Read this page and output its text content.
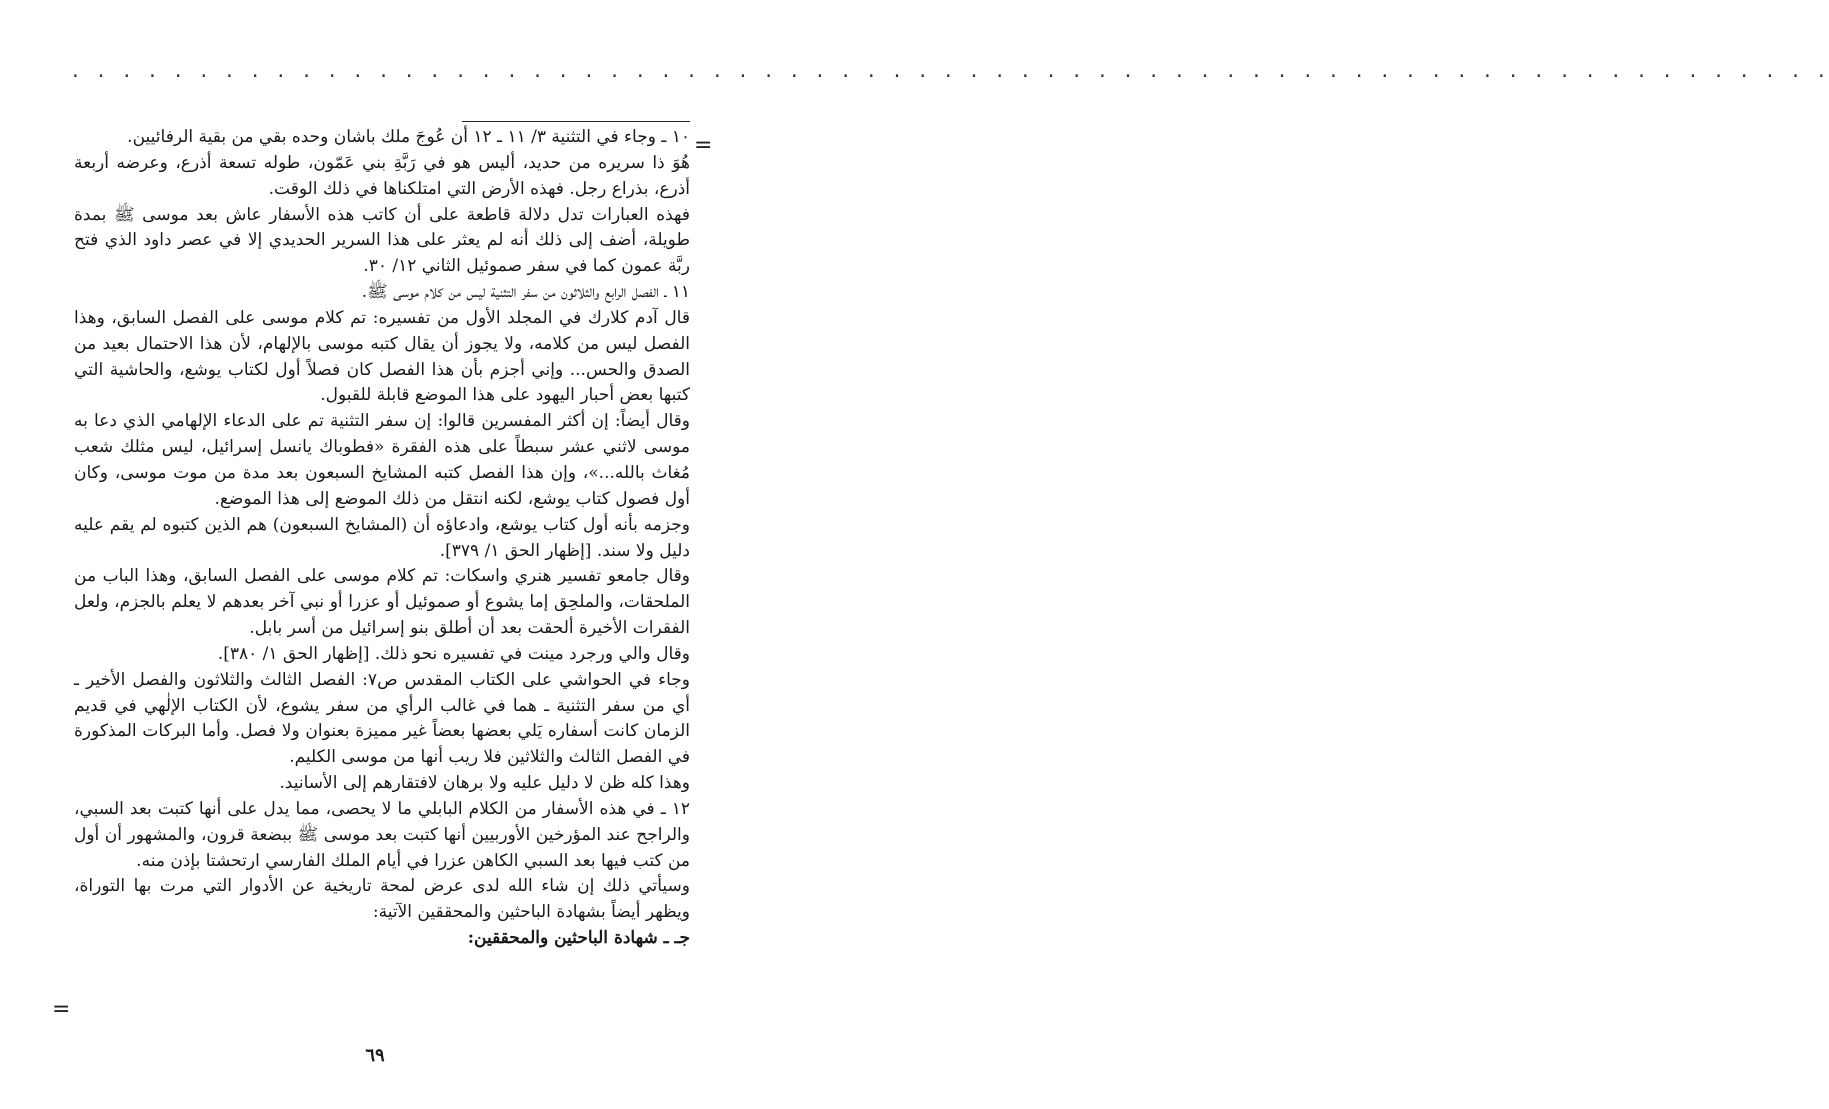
. . . . . . . . . . . . . . . . . . . . . . . . . . . . . . . . . . . . . . . . . . . . . . . . . . . . . . . . . . . . . . . . . . . . .
=

١٠ ـ وجاء في التثنية ٣/ ١١ ـ ١٢ أن عُوجَ ملك باشان وحده بقي من بقية الرفائيين.

هُوَ ذا سريره من حديد، أليس هو في رَبَّةِ بني عَمّون، طوله تسعة أذرع، وعرضه أربعة أذرع، بذراع رجل. فهذه الأرض التي امتلكناها في ذلك الوقت.

فهذه العبارات تدل دلالة قاطعة على أن كاتب هذه الأسفار عاش بعد موسى ﷺ بمدة طويلة، أضف إلى ذلك أنه لم يعثر على هذا السرير الحديدي إلا في عصر داود الذي فتح ربَّة عمون كما في سفر صموئيل الثاني ١٢/ ٣٠.

١١ ـ الفصل الرابع والثلاثون من سفر التثنية ليس من كلام موسى ﷺ.

قال آدم كلارك في المجلد الأول من تفسيره: تم كلام موسى على الفصل السابق، وهذا الفصل ليس من كلامه، ولا يجوز أن يقال كتبه موسى بالإلهام، لأن هذا الاحتمال بعيد من الصدق والحس... وإني أجزم بأن هذا الفصل كان فصلاً أول لكتاب يوشع، والحاشية التي كتبها بعض أحبار اليهود على هذا الموضع قابلة للقبول.

وقال أيضاً: إن أكثر المفسرين قالوا: إن سفر التثنية تم على الدعاء الإلهامي الذي دعا به موسى لاثني عشر سبطاً على هذه الفقرة «فطوباك يانسل إسرائيل، ليس مثلك شعب مُغاث بالله...»، وإن هذا الفصل كتبه المشايخ السبعون بعد مدة من موت موسى، وكان أول فصول كتاب يوشع، لكنه انتقل من ذلك الموضع إلى هذا الموضع.

وجزمه بأنه أول كتاب يوشع، وادعاؤه أن (المشايخ السبعون) هم الذين كتبوه لم يقم عليه دليل ولا سند. [إظهار الحق ١/ ٣٧٩].

وقال جامعو تفسير هنري واسكات: تم كلام موسى على الفصل السابق، وهذا الباب من الملحقات، والملحِق إما يشوع أو صموئيل أو عزرا أو نبي آخر بعدهم لا يعلم بالجزم، ولعل الفقرات الأخيرة ألحقت بعد أن أطلق بنو إسرائيل من أسر بابل.

وقال والي ورجرد مينت في تفسيره نحو ذلك. [إظهار الحق ١/ ٣٨٠].

وجاء في الحواشي على الكتاب المقدس ص٧: الفصل الثالث والثلاثون والفصل الأخير ـ أي من سفر التثنية ـ هما في غالب الرأي من سفر يشوع، لأن الكتاب الإلٰهي في قديم الزمان كانت أسفاره يَلي بعضها بعضاً غير مميزة بعنوان ولا فصل. وأما البركات المذكورة في الفصل الثالث والثلاثين فلا ريب أنها من موسى الكليم.

وهذا كله ظن لا دليل عليه ولا برهان لافتقارهم إلى الأسانيد.

١٢ ـ في هذه الأسفار من الكلام البابلي ما لا يحصى، مما يدل على أنها كتبت بعد السبي، والراجح عند المؤرخين الأوربيين أنها كتبت بعد موسى ﷺ ببضعة قرون، والمشهور أن أول من كتب فيها بعد السبي الكاهن عزرا في أيام الملك الفارسي ارتحشتا بإذن منه.

وسيأتي ذلك إن شاء الله لدى عرض لمحة تاريخية عن الأدوار التي مرت بها التوراة، ويظهر أيضاً بشهادة الباحثين والمحققين الآتية:

جـ ـ شهادة الباحثين والمحققين:

=
٦٩
